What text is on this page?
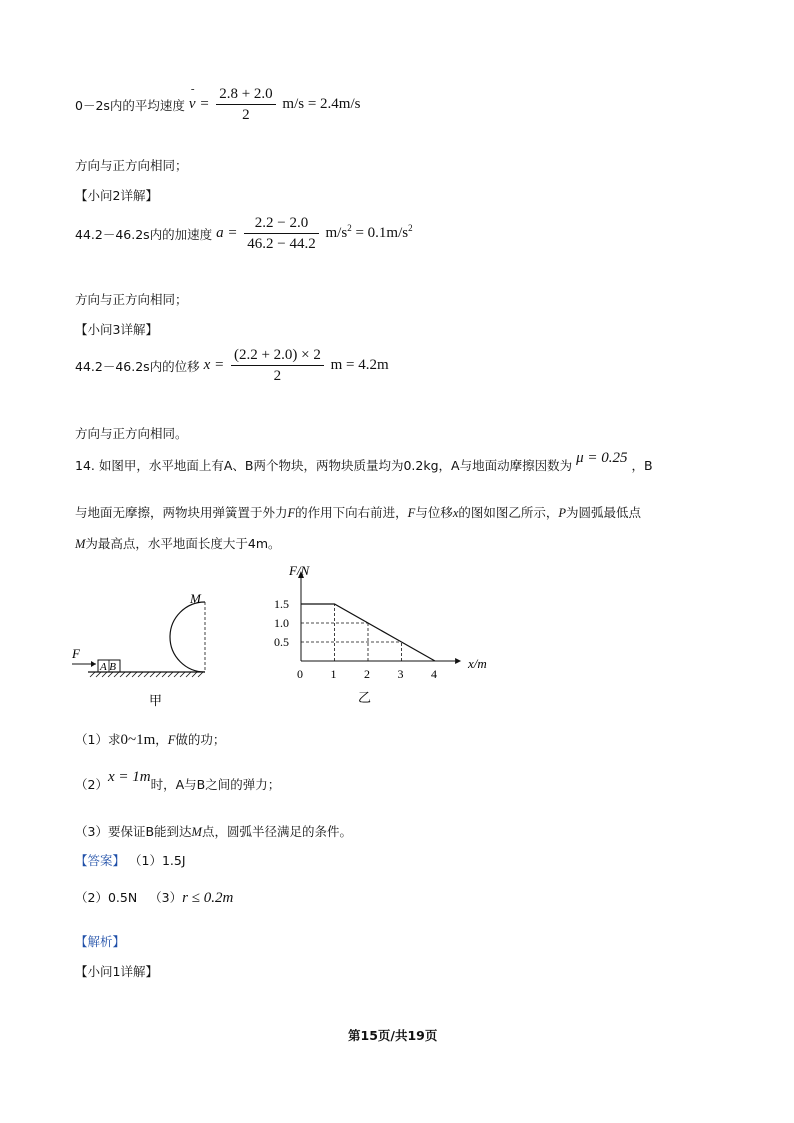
0－2s内的平均速度
-
$v = \frac{2.8 + 2.0}{2} m/s = 2.4m/s$
方向与正方向相同；
【小问2详解】
44.2－46.2s内的加速度 $a = \frac{2.2 - 2.0}{46.2 - 44.2} m/s^2 = 0.1m/s^2$
方向与正方向相同；
【小问3详解】
44.2－46.2s内的位移 $x = \frac{(2.2 + 2.0) \times 2}{2}$ m = 4.2m
方向与正方向相同。
14. 如图甲，水平地面上有A、B两个物块，两物块质量均为0.2kg，A与地面动摩擦因数为 μ = 0.25 ，B
与地面无摩擦，两物块用弹簧置于外力F的作用下向右前进，F与位移x的图如图乙所示，P为圆弧最低点
M为最高点，水平地面长度大于4m。
A B
F
M
甲
1.5
1.0
0.5
0 1 2 3 4
F/N
x/m
乙
（1）求0~1m，F做的功；
（2）x = 1m时，A与B之间的弹力；
（3）要保证B能到达M点，圆弧半径满足的条件。
【答案】 （1）1.5J
（2）0.5N （3）r ≤ 0.2m
【解析】
【小问1详解】
第15页/共19页
